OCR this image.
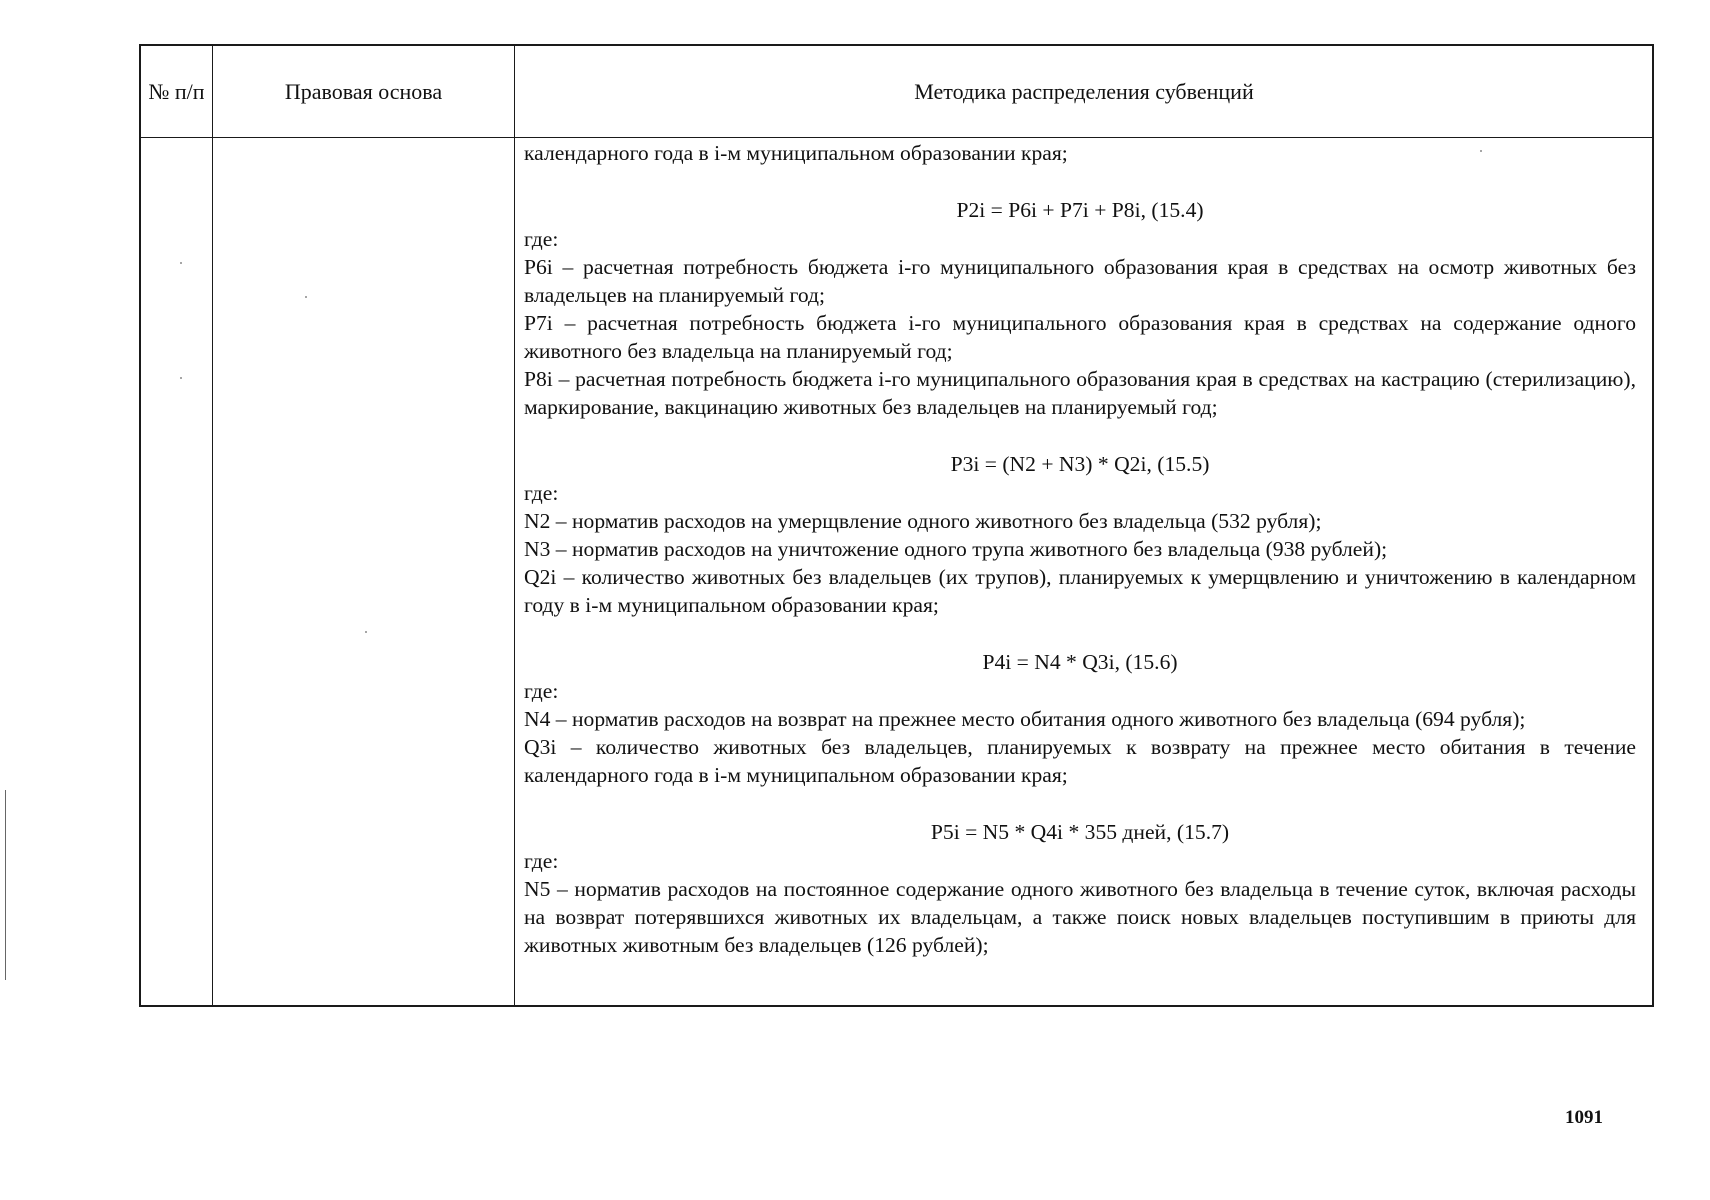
№ п/п	Правовая основа	Методика распределения субвенций

календарного года в i-м муниципальном образовании края;

P2i = P6i + P7i + P8i, (15.4)

где:

P6i – расчетная потребность бюджета i-го муниципального образования края в средствах на осмотр животных без владельцев на планируемый год;

P7i – расчетная потребность бюджета i-го муниципального образования края в средствах на содержание одного животного без владельца на планируемый год;

P8i – расчетная потребность бюджета i-го муниципального образования края в средствах на кастрацию (стерилизацию), маркирование, вакцинацию животных без владельцев на планируемый год;

P3i = (N2 + N3) * Q2i, (15.5)

где:

N2 – норматив расходов на умерщвление одного животного без владельца (532 рубля);

N3 – норматив расходов на уничтожение одного трупа животного без владельца (938 рублей);

Q2i – количество животных без владельцев (их трупов), планируемых к умерщвлению и уничтожению в календарном году в i-м муниципальном образовании края;

P4i = N4 * Q3i, (15.6)

где:

N4 – норматив расходов на возврат на прежнее место обитания одного животного без владельца (694 рубля);

Q3i – количество животных без владельцев, планируемых к возврату на прежнее место обитания в течение календарного года в i-м муниципальном образовании края;

P5i = N5 * Q4i * 355 дней, (15.7)

где:

N5 – норматив расходов на постоянное содержание одного животного без владельца в течение суток, включая расходы на возврат потерявшихся животных их владельцам, а также поиск новых владельцев поступившим в приюты для животных животным без владельцев (126 рублей);

1091
